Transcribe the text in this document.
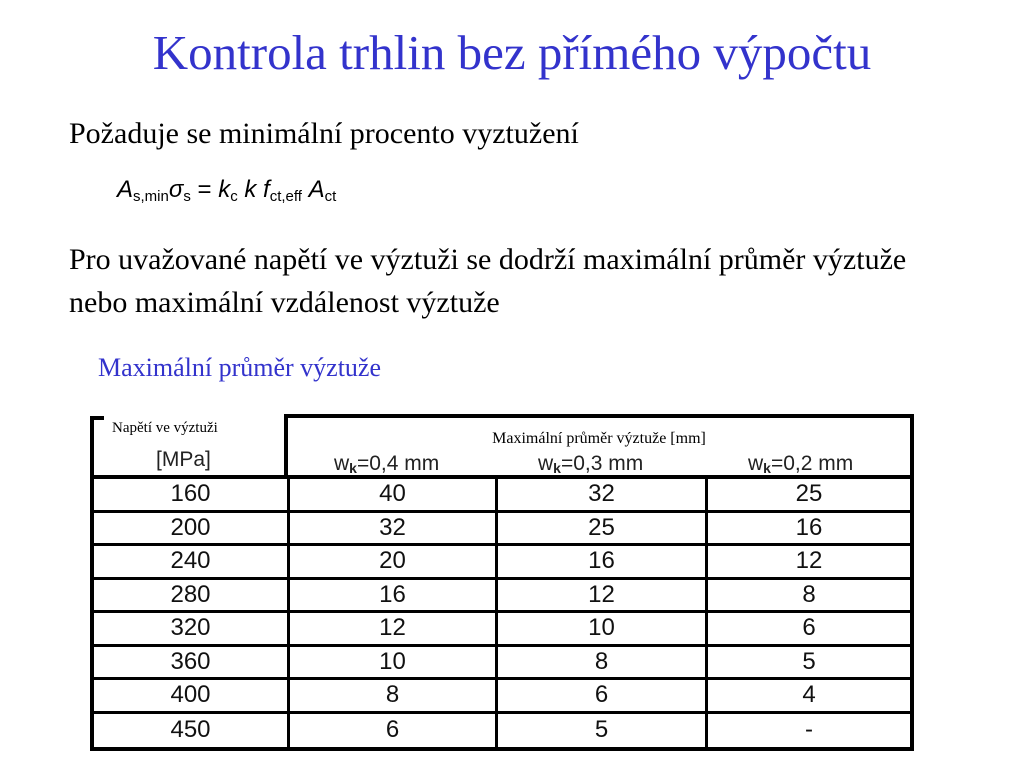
Kontrola trhlin bez přímého výpočtu
Požaduje se minimální procento vyztužení
$A_{s,min}\sigma_s = k_c$ k $f_{ct,eff}$ $A_{ct}$
Pro uvažované napětí ve výztuži se dodrží maximální průměr výztuže nebo maximální vzdálenost výztuže
Maximální průměr výztuže
Napětí ve výztuži
[MPa]
Maximální průměr výztuže [mm]
$w_k=0,4$ mm	$w_k=0,3$ mm	$w_k=0,2$ mm
160	40	32	25
200	32	25	16
240	20	16	12
280	16	12	8
320	12	10	6
360	10	8	5
400	8	6	4
450	6	5	-
